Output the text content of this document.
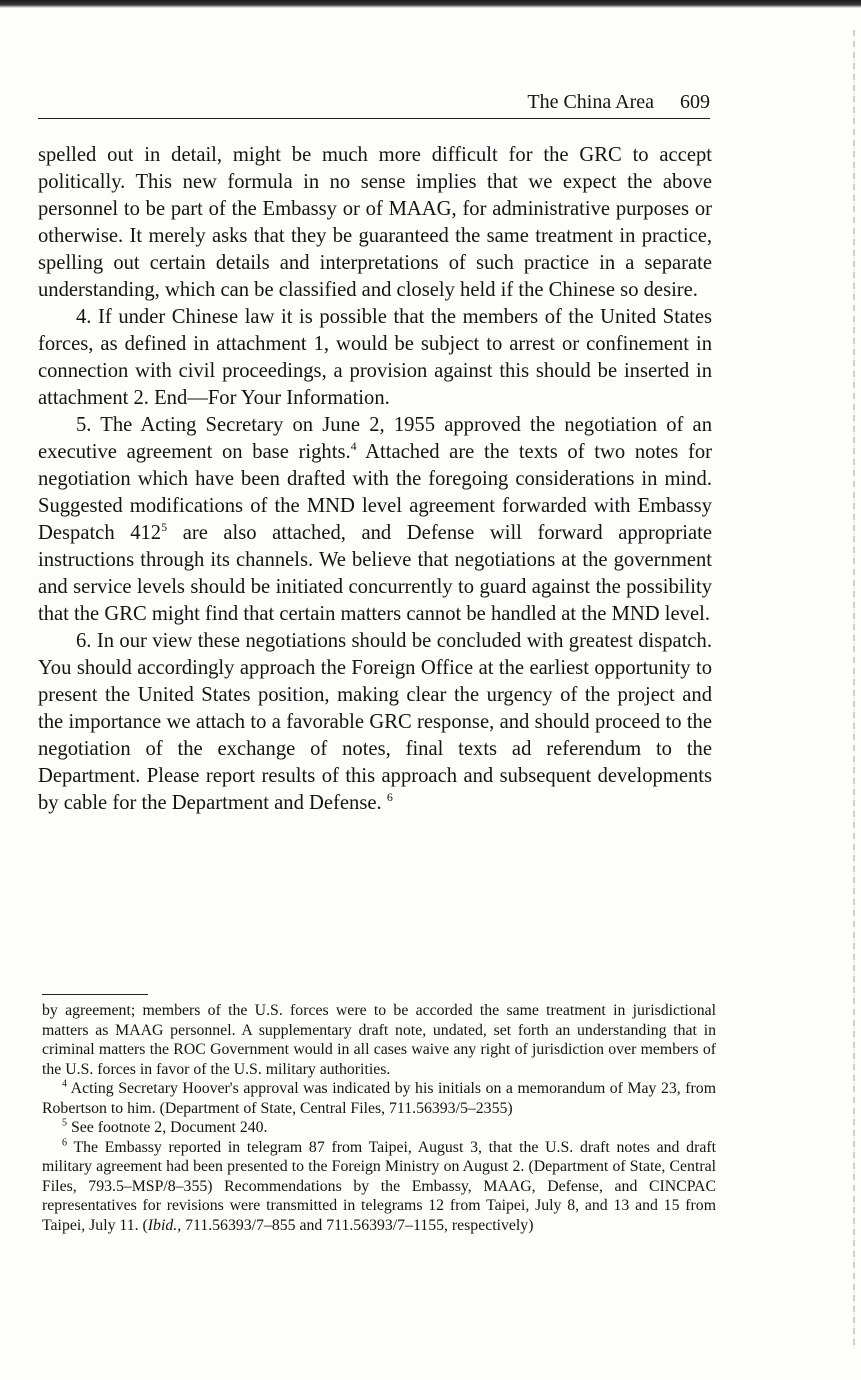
The China Area 609

spelled out in detail, might be much more difficult for the GRC to accept politically. This new formula in no sense implies that we expect the above personnel to be part of the Embassy or of MAAG, for administrative purposes or otherwise. It merely asks that they be guaranteed the same treatment in practice, spelling out certain details and interpretations of such practice in a separate understanding, which can be classified and closely held if the Chinese so desire.

4. If under Chinese law it is possible that the members of the United States forces, as defined in attachment 1, would be subject to arrest or confinement in connection with civil proceedings, a provision against this should be inserted in attachment 2. End—For Your Information.

5. The Acting Secretary on June 2, 1955 approved the negotiation of an executive agreement on base rights.$^4$ Attached are the texts of two notes for negotiation which have been drafted with the foregoing considerations in mind. Suggested modifications of the MND level agreement forwarded with Embassy Despatch $412^5$ are also attached, and Defense will forward appropriate instructions through its channels. We believe that negotiations at the government and service levels should be initiated concurrently to guard against the possibility that the GRC might find that certain matters cannot be handled at the MND level.

6. In our view these negotiations should be concluded with greatest dispatch. You should accordingly approach the Foreign Office at the earliest opportunity to present the United States position, making clear the urgency of the project and the importance we attach to a favorable GRC response, and should proceed to the negotiation of the exchange of notes, final texts ad referendum to the Department. Please report results of this approach and subsequent developments by cable for the Department and Defense. $^6$

by agreement; members of the U.S. forces were to be accorded the same treatment in jurisdictional matters as MAAG personnel. A supplementary draft note, undated, set forth an understanding that in criminal matters the ROC Government would in all cases waive any right of jurisdiction over members of the U.S. forces in favor of the U.S. military authorities.

$^4$ Acting Secretary Hoover's approval was indicated by his initials on a memorandum of May 23, from Robertson to him. (Department of State, Central Files, 711.56393/5–2355)

$^5$ See footnote 2, Document 240.

$^6$ The Embassy reported in telegram 87 from Taipei, August 3, that the U.S. draft notes and draft military agreement had been presented to the Foreign Ministry on August 2. (Department of State, Central Files, 793.5–MSP/8–355) Recommendations by the Embassy, MAAG, Defense, and CINCPAC representatives for revisions were transmitted in telegrams 12 from Taipei, July 8, and 13 and 15 from Taipei, July 11. (Ibid., 711.56393/7–855 and 711.56393/7–1155, respectively)
